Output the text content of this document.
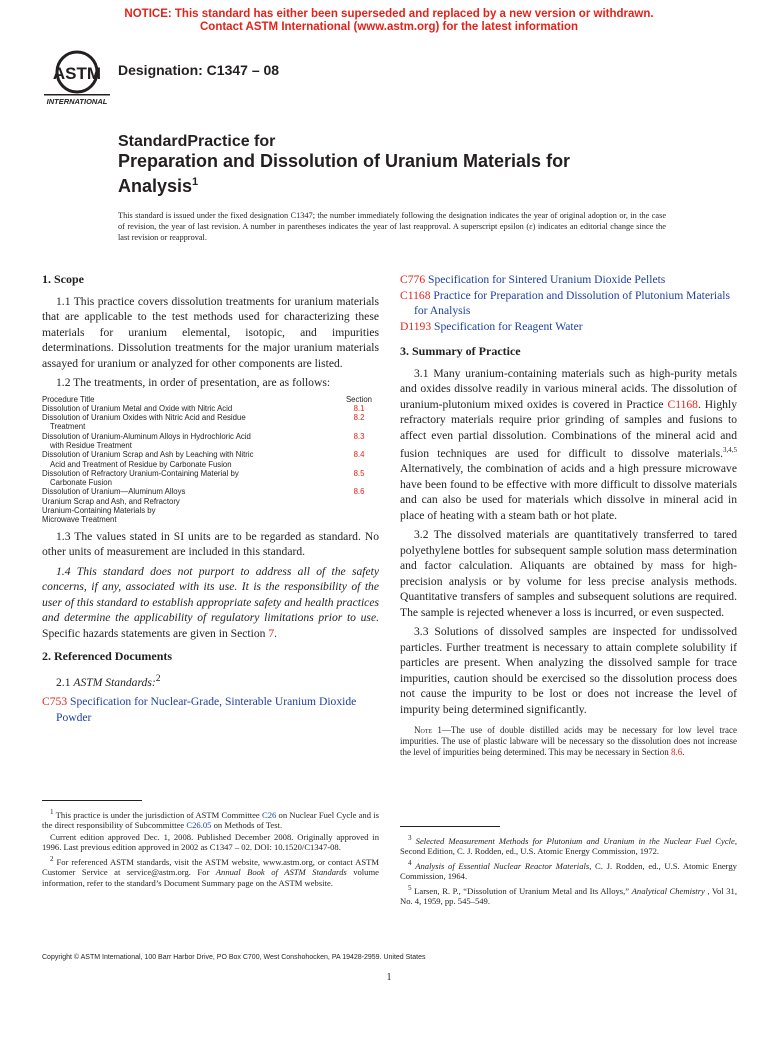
NOTICE: This standard has either been superseded and replaced by a new version or withdrawn.
Contact ASTM International (www.astm.org) for the latest information
ASTM
INTERNATIONAL
Designation: C1347 – 08
StandardPractice for
Preparation and Dissolution of Uranium Materials for
Analysis$^1$
This standard is issued under the fixed designation C1347; the number immediately following the designation indicates the year of original adoption or, in the case of revision, the year of last revision. A number in parentheses indicates the year of last reapproval. A superscript epsilon (ε) indicates an editorial change since the last revision or reapproval.
1. Scope

1.1 This practice covers dissolution treatments for uranium materials that are applicable to the test methods used for characterizing these materials for uranium elemental, isotopic, and impurities determinations. Dissolution treatments for the major uranium materials assayed for uranium or analyzed for other components are listed.

1.2 The treatments, in order of presentation, are as follows:

Procedure Title	Section

Dissolution of Uranium Metal and Oxide with Nitric Acid	8.1

Dissolution of Uranium Oxides with Nitric Acid and Residue
Treatment	8.2

Dissolution of Uranium-Aluminum Alloys in Hydrochloric Acid
with Residue Treatment	8.3

Dissolution of Uranium Scrap and Ash by Leaching with Nitric
Acid and Treatment of Residue by Carbonate Fusion	8.4

Dissolution of Refractory Uranium-Containing Material by
Carbonate Fusion	8.5

Dissolution of Uranium—Aluminum Alloys	8.6

Uranium Scrap and Ash, and Refractory	

Uranium-Containing Materials by	

Microwave Treatment	

1.3 The values stated in SI units are to be regarded as standard. No other units of measurement are included in this standard.

1.4 This standard does not purport to address all of the safety concerns, if any, associated with its use. It is the responsibility of the user of this standard to establish appropriate safety and health practices and determine the applicability of regulatory limitations prior to use. Specific hazards statements are given in Section 7.

2. Referenced Documents

2.1 ASTM Standards:$^2$

C753 Specification for Nuclear-Grade, Sinterable Uranium Dioxide Powder
C776 Specification for Sintered Uranium Dioxide Pellets
C1168 Practice for Preparation and Dissolution of Plutonium Materials for Analysis
D1193 Specification for Reagent Water
3. Summary of Practice

3.1 Many uranium-containing materials such as high-purity metals and oxides dissolve readily in various mineral acids. The dissolution of uranium-plutonium mixed oxides is covered in Practice C1168. Highly refractory materials require prior grinding of samples and fusions to affect even partial dissolution. Combinations of the mineral acid and fusion techniques are used for difficult to dissolve materials.$^{3,4,5}$ Alternatively, the combination of acids and a high pressure microwave have been found to be effective with more difficult to dissolve materials and can also be used for materials which dissolve in mineral acid in place of heating with a steam bath or hot plate.

3.2 The dissolved materials are quantitatively transferred to tared polyethylene bottles for subsequent sample solution mass determination and factor calculation. Aliquants are obtained by mass for high-precision analysis or by volume for less precise analysis methods. Quantitative transfers of samples and subsequent solutions are required. The sample is rejected whenever a loss is incurred, or even suspected.

3.3 Solutions of dissolved samples are inspected for undissolved particles. Further treatment is necessary to attain complete solubility if particles are present. When analyzing the dissolved sample for trace impurities, caution should be exercised so the dissolution process does not cause the impurity to be lost or does not increase the level of impurity being determined significantly.

Note 1—The use of double distilled acids may be necessary for low level trace impurities. The use of plastic labware will be necessary so the dissolution does not increase the level of impurities being determined. This may be necessary in Section 8.6.

$^1$ This practice is under the jurisdiction of ASTM Committee C26 on Nuclear Fuel Cycle and is the direct responsibility of Subcommittee C26.05 on Methods of Test.

Current edition approved Dec. 1, 2008. Published December 2008. Originally approved in 1996. Last previous edition approved in 2002 as C1347 – 02. DOI: 10.1520/C1347-08.

$^2$ For referenced ASTM standards, visit the ASTM website, www.astm.org, or contact ASTM Customer Service at service@astm.org. For Annual Book of ASTM Standards volume information, refer to the standard’s Document Summary page on the ASTM website.

$^3$ Selected Measurement Methods for Plutonium and Uranium in the Nuclear Fuel Cycle, Second Edition, C. J. Rodden, ed., U.S. Atomic Energy Commission, 1972.

$^4$ Analysis of Essential Nuclear Reactor Materials, C. J. Rodden, ed., U.S. Atomic Energy Commission, 1964.

$^5$ Larsen, R. P., “Dissolution of Uranium Metal and Its Alloys,” Analytical Chemistry , Vol 31, No. 4, 1959, pp. 545–549.

Copyright © ASTM International, 100 Barr Harbor Drive, PO Box C700, West Conshohocken, PA 19428-2959. United States
1
